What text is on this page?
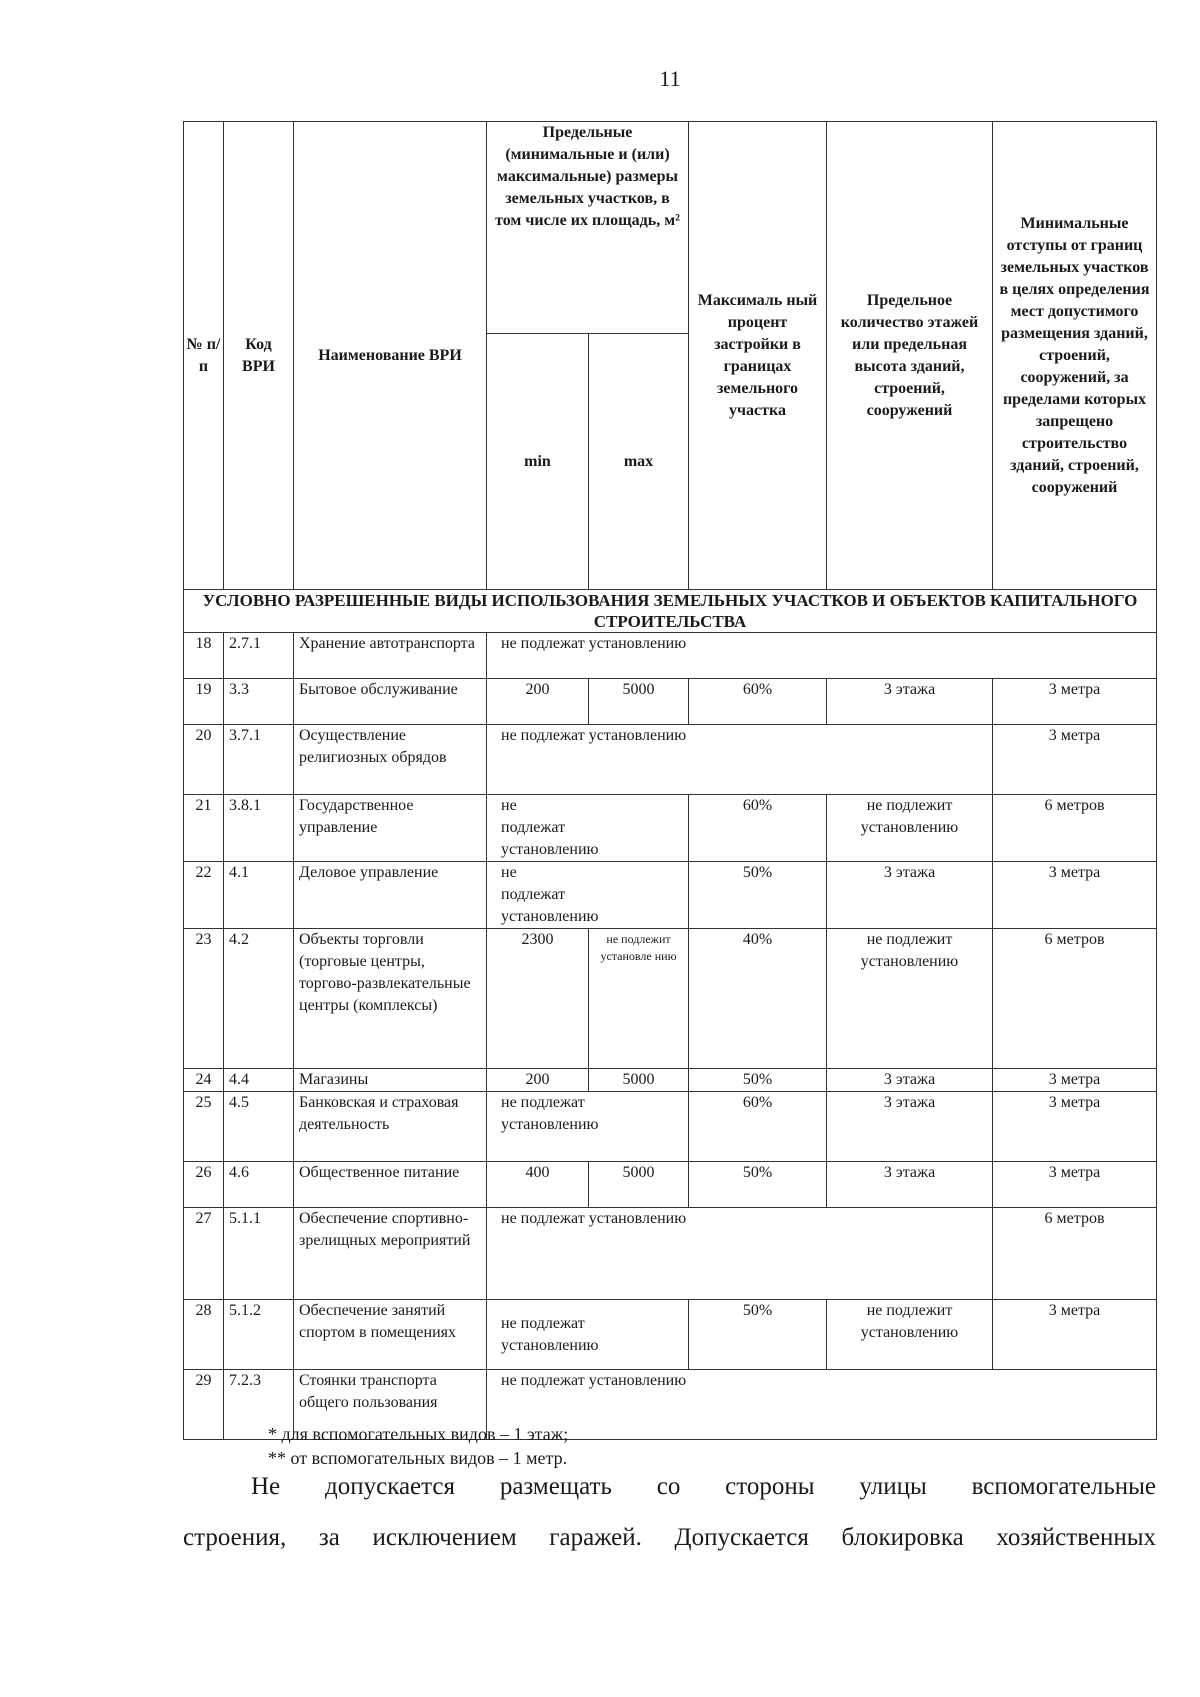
11
№ п/ п	Код ВРИ	Наименование ВРИ	Предельные (минимальные и (или) максимальные) размеры земельных участков, в том числе их площадь, м²		Максималь ный процент застройки в границах земельного участка	Предельное количество этажей или предельная высота зданий, строений, сооружений	Минимальные отступы от границ земельных участков в целях определения мест допустимого размещения зданий, строений, сооружений, за пределами которых запрещено строительство зданий, строений, сооружений
			min	max			
УСЛОВНО РАЗРЕШЕННЫЕ ВИДЫ ИСПОЛЬЗОВАНИЯ ЗЕМЕЛЬНЫХ УЧАСТКОВ И ОБЪЕКТОВ КАПИТАЛЬНОГО СТРОИТЕЛЬСТВА							
18	2.7.1	Хранение автотранспорта	не подлежат установлению				
19	3.3	Бытовое обслуживание	200	5000	60%	3 этажа	3 метра
20	3.7.1	Осуществление религиозных обрядов	не подлежат установлению				3 метра
21	3.8.1	Государственное управление	не подлежат установлению		60%	не подлежит установлению	6 метров
22	4.1	Деловое управление	не подлежат установлению		50%	3 этажа	3 метра
23	4.2	Объекты торговли (торговые центры, торгово-развлекательные центры (комплексы)	2300	не подлежит установле нию	40%	не подлежит установлению	6 метров
24	4.4	Магазины	200	5000	50%	3 этажа	3 метра
25	4.5	Банковская и страховая деятельность	не подлежат установлению		60%	3 этажа	3 метра
26	4.6	Общественное питание	400	5000	50%	3 этажа	3 метра
27	5.1.1	Обеспечение спортивно-зрелищных мероприятий	не подлежат установлению				6 метров
28	5.1.2	Обеспечение занятий спортом в помещениях	не подлежат установлению		50%	не подлежит установлению	3 метра
29	7.2.3	Стоянки транспорта общего пользования	не подлежат установлению				
* для вспомогательных видов – 1 этаж;
** от вспомогательных видов – 1 метр.
Не допускается размещать со стороны улицы вспомогательные
строения, за исключением гаражей. Допускается блокировка хозяйственных
